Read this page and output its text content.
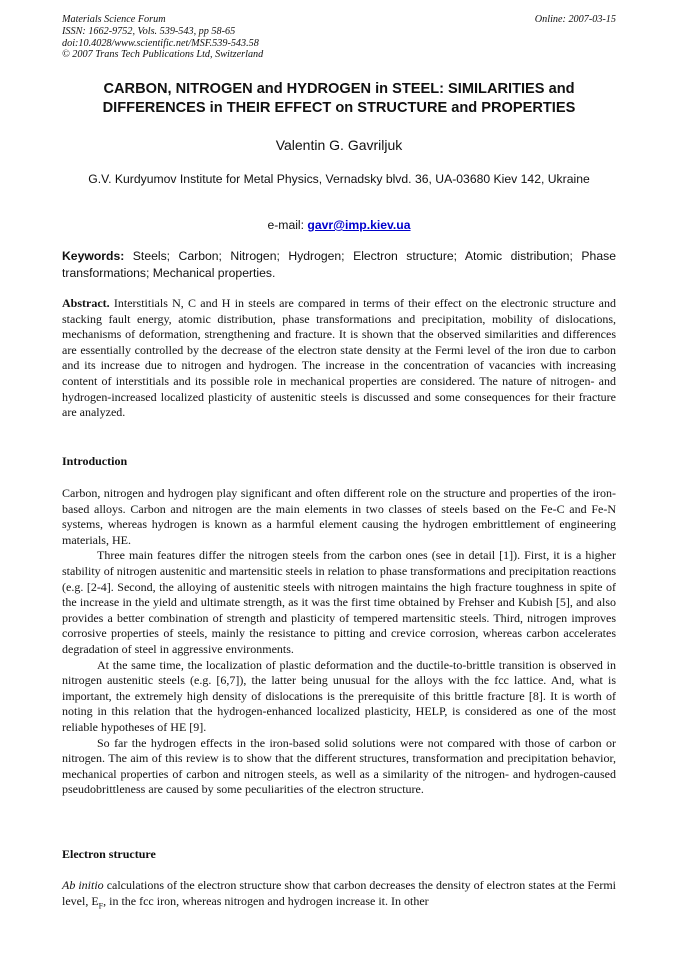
Materials Science Forum
ISSN: 1662-9752, Vols. 539-543, pp 58-65
doi:10.4028/www.scientific.net/MSF.539-543.58
© 2007 Trans Tech Publications Ltd, Switzerland
Online: 2007-03-15
CARBON, NITROGEN and HYDROGEN in STEEL: SIMILARITIES and
DIFFERENCES in THEIR EFFECT on STRUCTURE and PROPERTIES

Valentin G. Gavriljuk

G.V. Kurdyumov Institute for Metal Physics, Vernadsky blvd. 36, UA-03680 Kiev 142, Ukraine

e-mail: gavr@imp.kiev.ua

Keywords: Steels; Carbon; Nitrogen; Hydrogen; Electron structure; Atomic distribution; Phase transformations; Mechanical properties.

Abstract. Interstitials N, C and H in steels are compared in terms of their effect on the electronic structure and stacking fault energy, atomic distribution, phase transformations and precipitation, mobility of dislocations, mechanisms of deformation, strengthening and fracture. It is shown that the observed similarities and differences are essentially controlled by the decrease of the electron state density at the Fermi level of the iron due to carbon and its increase due to nitrogen and hydrogen. The increase in the concentration of vacancies with increasing content of interstitials and its possible role in mechanical properties are considered. The nature of nitrogen- and hydrogen-increased localized plasticity of austenitic steels is discussed and some consequences for their fracture are analyzed.

Introduction

Carbon, nitrogen and hydrogen play significant and often different role on the structure and properties of the iron-based alloys. Carbon and nitrogen are the main elements in two classes of steels based on the Fe-C and Fe-N systems, whereas hydrogen is known as a harmful element causing the hydrogen embrittlement of engineering materials, HE.

Three main features differ the nitrogen steels from the carbon ones (see in detail [1]). First, it is a higher stability of nitrogen austenitic and martensitic steels in relation to phase transformations and precipitation reactions (e.g. [2-4]. Second, the alloying of austenitic steels with nitrogen maintains the high fracture toughness in spite of the increase in the yield and ultimate strength, as it was the first time obtained by Frehser and Kubish [5], and also provides a better combination of strength and plasticity of tempered martensitic steels. Third, nitrogen improves corrosive properties of steels, mainly the resistance to pitting and crevice corrosion, whereas carbon accelerates degradation of steel in aggressive environments.

At the same time, the localization of plastic deformation and the ductile-to-brittle transition is observed in nitrogen austenitic steels (e.g. [6,7]), the latter being unusual for the alloys with the fcc lattice. And, what is important, the extremely high density of dislocations is the prerequisite of this brittle fracture [8]. It is worth of noting in this relation that the hydrogen-enhanced localized plasticity, HELP, is considered as one of the most reliable hypotheses of HE [9].

So far the hydrogen effects in the iron-based solid solutions were not compared with those of carbon or nitrogen. The aim of this review is to show that the different structures, transformation and precipitation behavior, mechanical properties of carbon and nitrogen steels, as well as a similarity of the nitrogen- and hydrogen-caused pseudobrittleness are caused by some peculiarities of the electron structure.

Electron structure

Ab initio calculations of the electron structure show that carbon decreases the density of electron states at the Fermi level, $E_F$, in the fcc iron, whereas nitrogen and hydrogen increase it. In other
